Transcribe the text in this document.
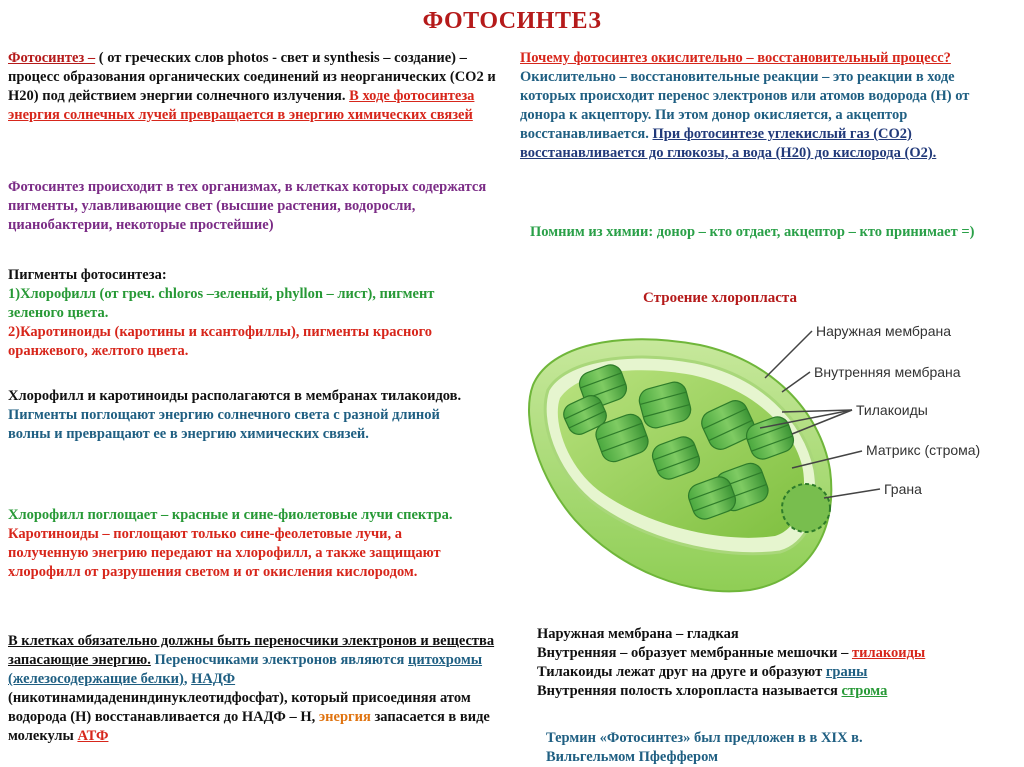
ФОТОСИНТЕЗ

Фотосинтез – ( от греческих слов photos - свет и synthesis – создание) – процесс образования органических соединений из неорганических (СО2 и Н20) под действием энергии солнечного излучения. В ходе фотосинтеза энергия солнечных лучей превращается в энергию химических связей

Фотосинтез происходит в тех организмах, в клетках которых содержатся пигменты, улавливающие свет (высшие растения, водоросли, цианобактерии, некоторые простейшие)

Пигменты фотосинтеза:
1)Хлорофилл (от греч. chloros –зеленый, phyllon – лист), пигмент зеленого цвета.
2)Каротиноиды (каротины и ксантофиллы), пигменты красного оранжевого, желтого цвета.
Хлорофилл и каротиноиды располагаются в мембранах тилакоидов.
Пигменты поглощают энергию солнечного света с разной длиной волны и превращают ее в энергию химических связей.
Хлорофилл поглощает – красные и сине-фиолетовые лучи спектра.
Каротиноиды – поглощают только сине-феолетовые лучи, а полученную энегрию передают на хлорофилл, а также защищают хлорофилл от разрушения светом и от окисления кислородом.

В клетках обязательно должны быть переносчики электронов и вещества запасающие энергию. Переносчиками электронов являются цитохромы (железосодержащие белки), НАДФ (никотинамидадениндинуклеотидфосфат), который присоединяя атом водорода (Н) восстанавливается до НАДФ – Н, энергия запасается в виде молекулы АТФ

Почему фотосинтез окислительно – восстановительный процесс?
Окислительно – восстановительные реакции – это реакции в ходе которых происходит перенос электронов или атомов водорода (Н) от донора к акцептору. Пи этом донор окисляется, а акцептор восстанавливается. При фотосинтезе углекислый газ (СО2) восстанавливается до глюкозы, а вода (Н20) до кислорода (О2).

Помним из химии: донор – кто отдает, акцептор – кто принимает =)

Строение хлоропласта
Наружная мембрана
Внутренняя мембрана
Тилакоиды
Матрикс (строма)
Грана
Наружная мембрана – гладкая
Внутренняя – образует мембранные мешочки – тилакоиды
Тилакоиды лежат друг на друге и образуют граны
Внутренняя полость хлоропласта называется строма

Термин «Фотосинтез» был предложен в в XIX в. Вильгельмом Пфеффером
